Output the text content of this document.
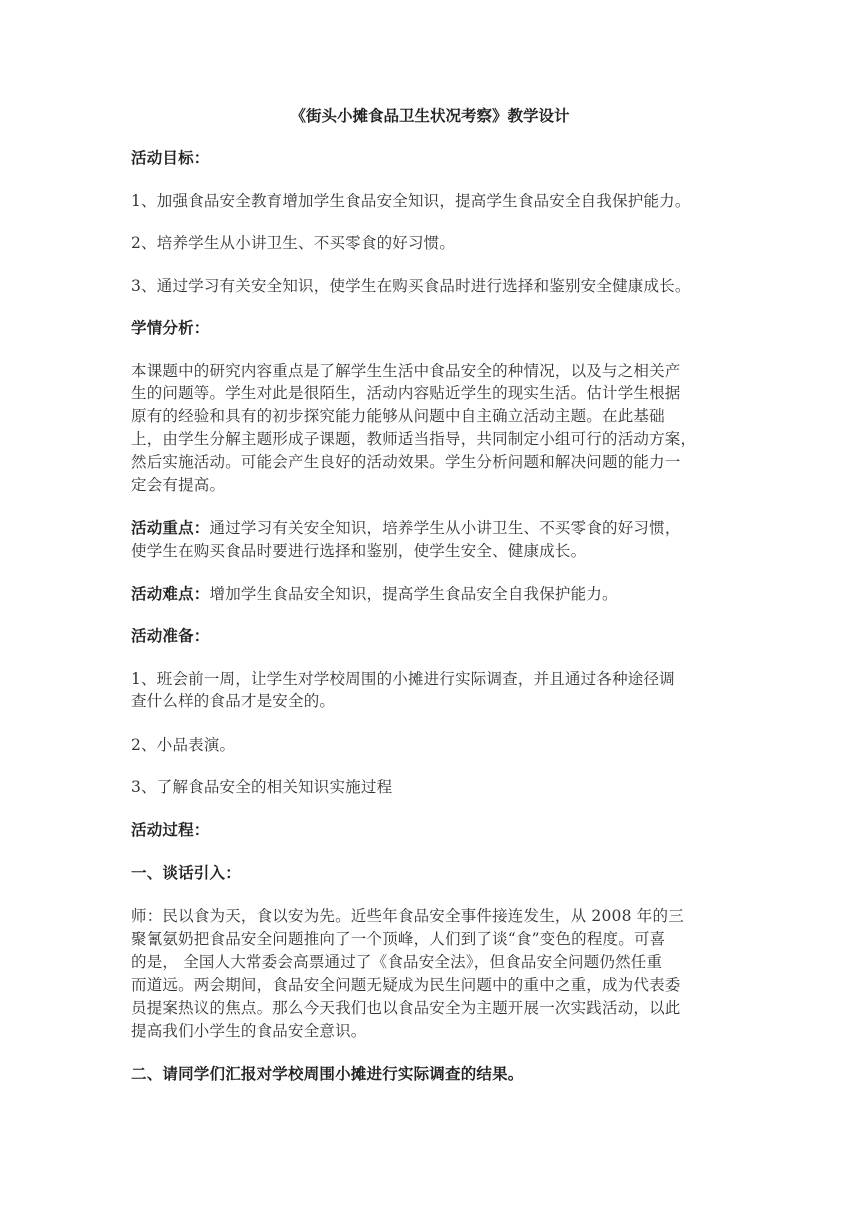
《街头小摊食品卫生状况考察》教学设计

活动目标：

1、加强食品安全教育增加学生食品安全知识，提高学生食品安全自我保护能力。

2、培养学生从小讲卫生、不买零食的好习惯。

3、通过学习有关安全知识，使学生在购买食品时进行选择和鉴别安全健康成长。

学情分析：

本课题中的研究内容重点是了解学生生活中食品安全的种情况，以及与之相关产

生的问题等。学生对此是很陌生，活动内容贴近学生的现实生活。估计学生根据

原有的经验和具有的初步探究能力能够从问题中自主确立活动主题。在此基础

上，由学生分解主题形成子课题，教师适当指导，共同制定小组可行的活动方案，

然后实施活动。可能会产生良好的活动效果。学生分析问题和解决问题的能力一

定会有提高。

活动重点：通过学习有关安全知识，培养学生从小讲卫生、不买零食的好习惯，

使学生在购买食品时要进行选择和鉴别，使学生安全、健康成长。

活动难点：增加学生食品安全知识，提高学生食品安全自我保护能力。

活动准备：

1、班会前一周，让学生对学校周围的小摊进行实际调查，并且通过各种途径调

查什么样的食品才是安全的。

2、小品表演。

3、了解食品安全的相关知识实施过程

活动过程：

一、谈话引入：

师：民以食为天，食以安为先。近些年食品安全事件接连发生，从 2008 年的三

聚氰氨奶把食品安全问题推向了一个顶峰，人们到了谈“食”变色的程度。可喜

的是， 全国人大常委会高票通过了《食品安全法》，但食品安全问题仍然任重

而道远。两会期间，食品安全问题无疑成为民生问题中的重中之重，成为代表委

员提案热议的焦点。那么今天我们也以食品安全为主题开展一次实践活动，以此

提高我们小学生的食品安全意识。

二、请同学们汇报对学校周围小摊进行实际调查的结果。
